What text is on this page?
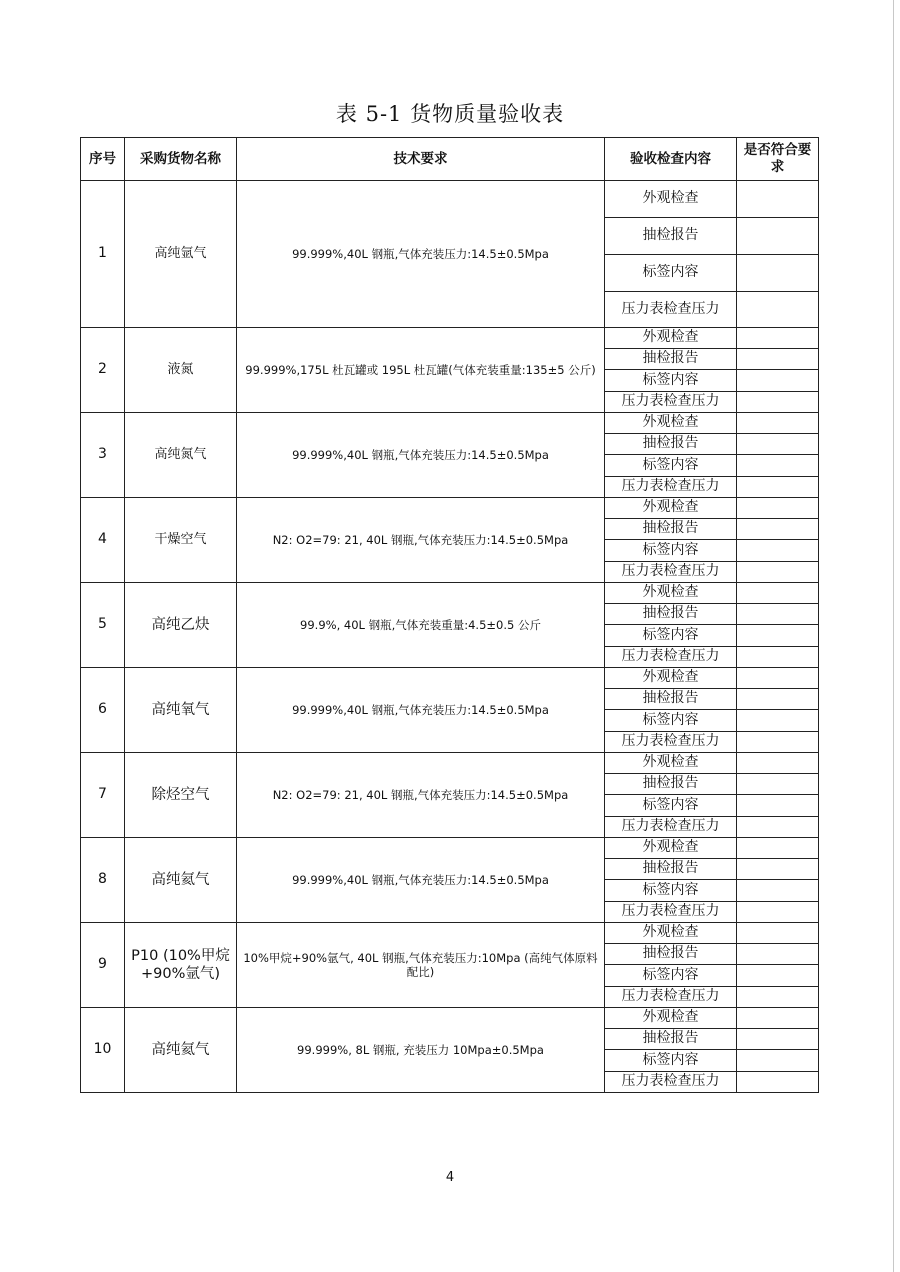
表 5-1 货物质量验收表
序号	采购货物名称	技术要求	验收检查内容	是否符合要求
1	高纯氩气	99.999%,40L 钢瓶,气体充装压力:14.5±0.5Mpa	外观检查	
			抽检报告	
			标签内容	
			压力表检查压力	
2	液氮	99.999%,175L 杜瓦罐或 195L 杜瓦罐(气体充装重量:135±5 公斤)	外观检查	
			抽检报告	
			标签内容	
			压力表检查压力	
3	高纯氮气	99.999%,40L 钢瓶,气体充装压力:14.5±0.5Mpa	外观检查	
			抽检报告	
			标签内容	
			压力表检查压力	
4	干燥空气	N2: O2=79: 21, 40L 钢瓶,气体充装压力:14.5±0.5Mpa	外观检查	
			抽检报告	
			标签内容	
			压力表检查压力	
5	高纯乙炔	99.9%, 40L 钢瓶,气体充装重量:4.5±0.5 公斤	外观检查	
			抽检报告	
			标签内容	
			压力表检查压力	
6	高纯氧气	99.999%,40L 钢瓶,气体充装压力:14.5±0.5Mpa	外观检查	
			抽检报告	
			标签内容	
			压力表检查压力	
7	除烃空气	N2: O2=79: 21, 40L 钢瓶,气体充装压力:14.5±0.5Mpa	外观检查	
			抽检报告	
			标签内容	
			压力表检查压力	
8	高纯氦气	99.999%,40L 钢瓶,气体充装压力:14.5±0.5Mpa	外观检查	
			抽检报告	
			标签内容	
			压力表检查压力	
9	P10 (10%甲烷+90%氩气)	10%甲烷+90%氩气, 40L 钢瓶,气体充装压力:10Mpa (高纯气体原料配比)	外观检查	
			抽检报告	
			标签内容	
			压力表检查压力	
10	高纯氦气	99.999%, 8L 钢瓶, 充装压力 10Mpa±0.5Mpa	外观检查	
			抽检报告	
			标签内容	
			压力表检查压力	
4
